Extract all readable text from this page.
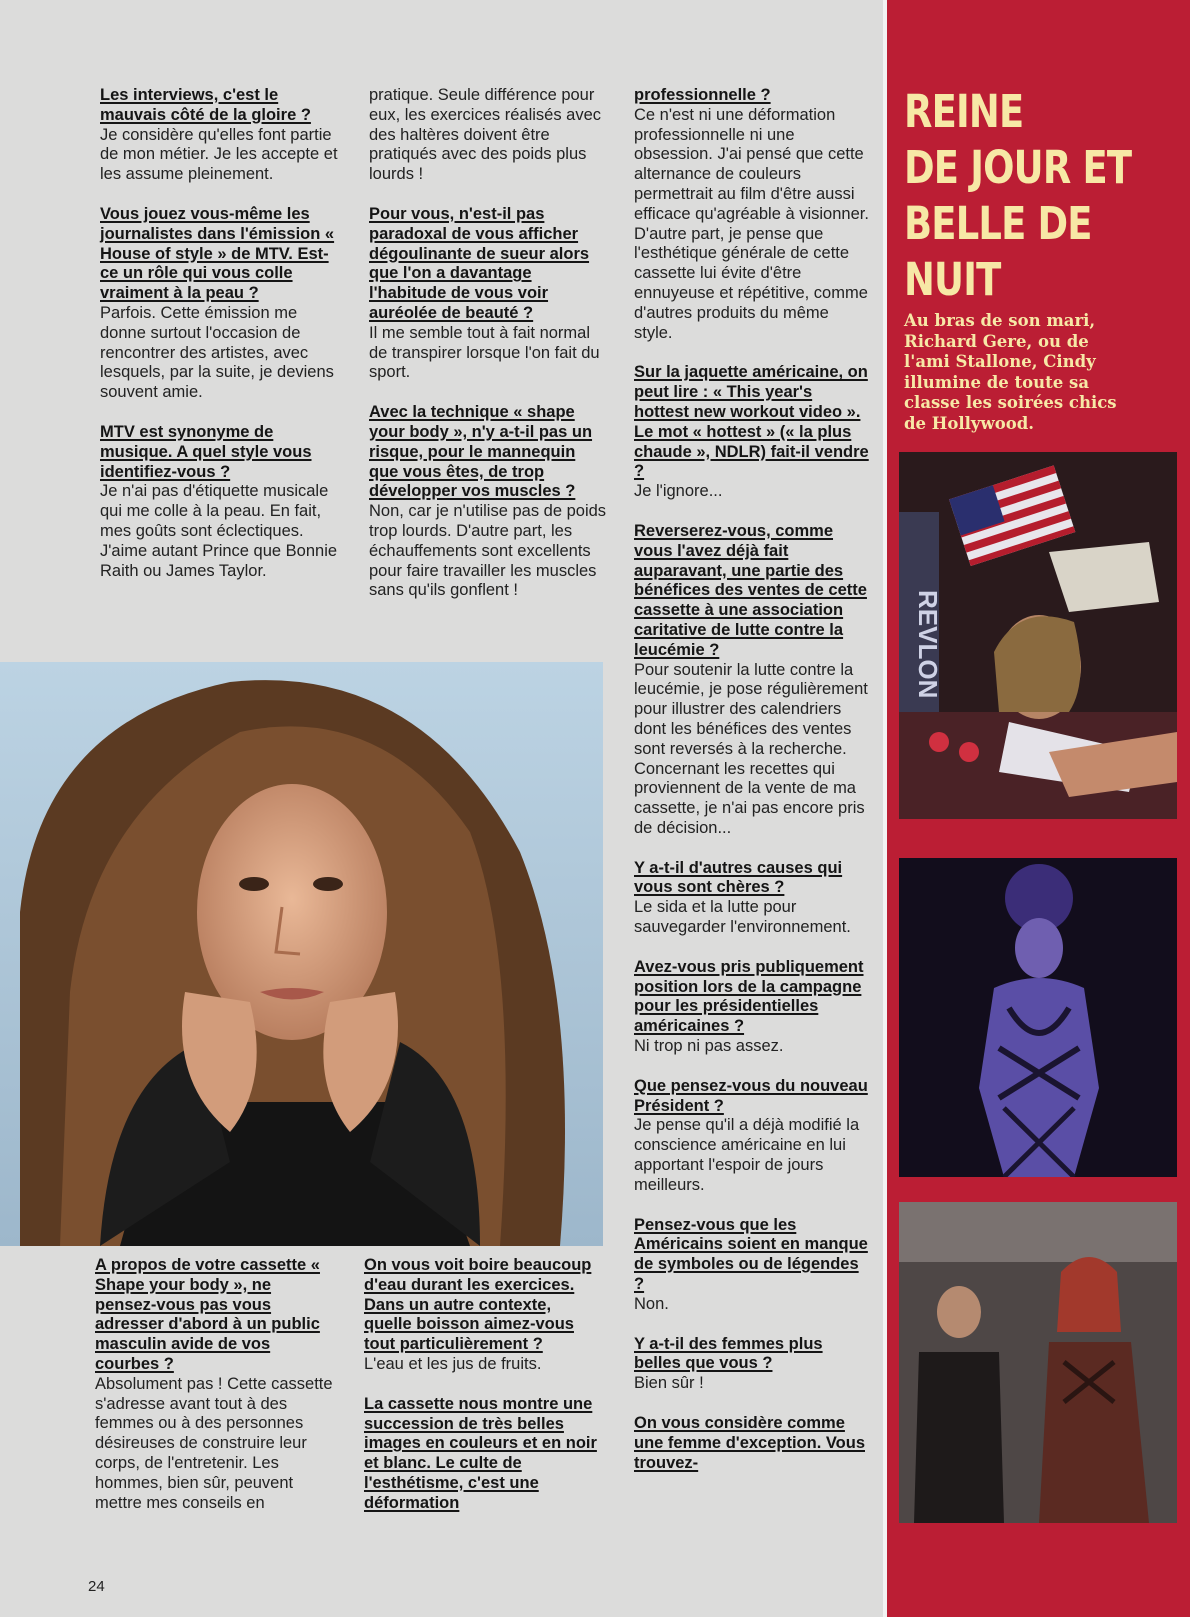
Les interviews, c'est le mauvais côté de la gloire ?
Je considère qu'elles font partie de mon métier. Je les accepte et les assume pleinement.
Vous jouez vous-même les journalistes dans l'émission « House of style » de MTV. Est-ce un rôle qui vous colle vraiment à la peau ?
Parfois. Cette émission me donne surtout l'occasion de rencontrer des artistes, avec lesquels, par la suite, je deviens souvent amie.
MTV est synonyme de musique. A quel style vous identifiez-vous ?
Je n'ai pas d'étiquette musicale qui me colle à la peau. En fait, mes goûts sont éclectiques. J'aime autant Prince que Bonnie Raith ou James Taylor.
pratique. Seule différence pour eux, les exercices réalisés avec des haltères doivent être pratiqués avec des poids plus lourds !
Pour vous, n'est-il pas paradoxal de vous afficher dégoulinante de sueur alors que l'on a davantage l'habitude de vous voir auréolée de beauté ?
Il me semble tout à fait normal de transpirer lorsque l'on fait du sport.
Avec la technique « shape your body », n'y a-t-il pas un risque, pour le mannequin que vous êtes, de trop développer vos muscles ?
Non, car je n'utilise pas de poids trop lourds. D'autre part, les échauffements sont excellents pour faire travailler les muscles sans qu'ils gonflent !
professionnelle ?
Ce n'est ni une déformation professionnelle ni une obsession. J'ai pensé que cette alternance de couleurs permettrait au film d'être aussi efficace qu'agréable à visionner. D'autre part, je pense que l'esthétique générale de cette cassette lui évite d'être ennuyeuse et répétitive, comme d'autres produits du même style.
Sur la jaquette américaine, on peut lire : « This year's hottest new workout video ». Le mot « hottest » (« la plus chaude », NDLR) fait-il vendre ?
Je l'ignore...
Reverserez-vous, comme vous l'avez déjà fait auparavant, une partie des bénéfices des ventes de cette cassette à une association caritative de lutte contre la leucémie ?
Pour soutenir la lutte contre la leucémie, je pose régulièrement pour illustrer des calendriers dont les bénéfices des ventes sont reversés à la recherche. Concernant les recettes qui proviennent de la vente de ma cassette, je n'ai pas encore pris de décision...
Y a-t-il d'autres causes qui vous sont chères ?
Le sida et la lutte pour sauvegarder l'environnement.
Avez-vous pris publiquement position lors de la campagne pour les présidentielles américaines ?
Ni trop ni pas assez.
Que pensez-vous du nouveau Président ?
Je pense qu'il a déjà modifié la conscience américaine en lui apportant l'espoir de jours meilleurs.
Pensez-vous que les Américains soient en manque de symboles ou de légendes ?
Non.
Y a-t-il des femmes plus belles que vous ?
Bien sûr !
On vous considère comme une femme d'exception. Vous trouvez-
A propos de votre cassette « Shape your body », ne pensez-vous pas vous adresser d'abord à un public masculin avide de vos courbes ?
Absolument pas ! Cette cassette s'adresse avant tout à des femmes ou à des personnes désireuses de construire leur corps, de l'entretenir. Les hommes, bien sûr, peuvent mettre mes conseils en
On vous voit boire beaucoup d'eau durant les exercices. Dans un autre contexte, quelle boisson aimez-vous tout particulièrement ?
L'eau et les jus de fruits.
La cassette nous montre une succession de très belles images en couleurs et en noir et blanc. Le culte de l'esthétisme, c'est une déformation
24
REINE
DE JOUR ET
BELLE DE
NUIT
Au bras de son mari, Richard Gere, ou de l'ami Stallone, Cindy illumine de toute sa classe les soirées chics de Hollywood.
REVLON
